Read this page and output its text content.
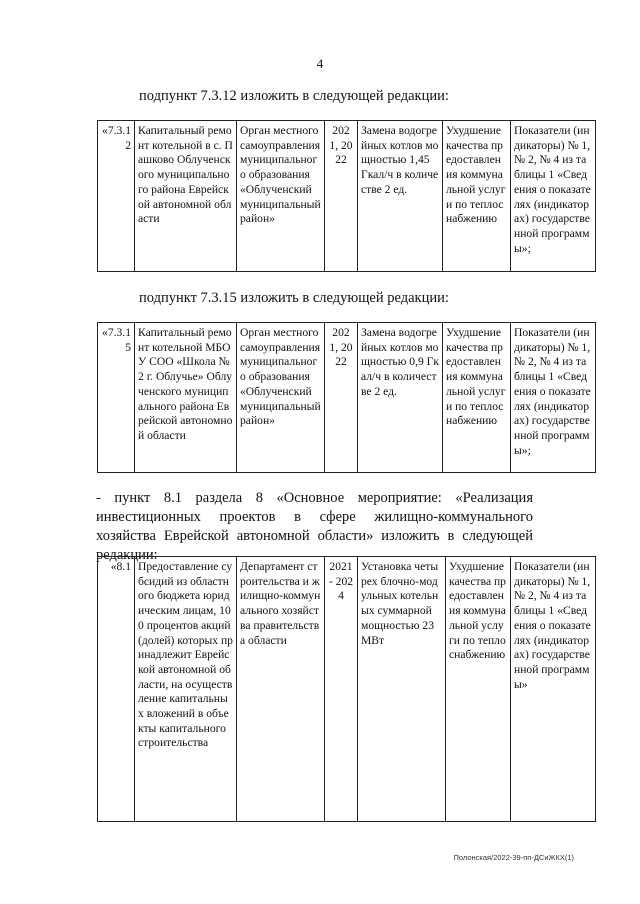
4
подпункт 7.3.12 изложить в следующей редакции:
«7.3.12	Капитальный ремонт котельной в с. Пашково Облученского муниципального района Еврейской автономной области	Орган местного самоуправления муниципального образования «Облученский муниципальный район»	2021, 2022	Замена водогрейных котлов мощностью 1,45 Гкал/ч в количестве 2 ед.	Ухудшение качества предоставления коммунальной услуги по теплоснабжению	Показатели (индикаторы) № 1, № 2, № 4 из таблицы 1 «Сведения о показателях (индикаторах) государственной программы»;
подпункт 7.3.15 изложить в следующей редакции:
«7.3.15	Капитальный ремонт котельной МБОУ СОО «Школа № 2 г. Облучье» Облученского муниципального района Еврейской автономной области	Орган местного самоуправления муниципального образования «Облученский муниципальный район»	2021, 2022	Замена водогрейных котлов мощностью 0,9 Гкал/ч в количестве 2 ед.	Ухудшение качества предоставления коммунальной услуги по теплоснабжению	Показатели (индикаторы) № 1, № 2, № 4 из таблицы 1 «Сведения о показателях (индикаторах) государственной программы»;
- пункт 8.1 раздела 8 «Основное мероприятие: «Реализация инвестиционных проектов в сфере жилищно-коммунального хозяйства Еврейской автономной области» изложить в следующей редакции:
«8.1	Предоставление субсидий из областного бюджета юридическим лицам, 100 процентов акций (долей) которых принадлежит Еврейской автономной области, на осуществление капитальных вложений в объекты капитального строительства	Департамент строительства и жилищно-коммунального хозяйства правительства области	2021 - 2024	Установка четырех блочно-модульных котельных суммарной мощностью 23 МВт	Ухудшение качества предоставления коммунальной услуги по теплоснабжению	Показатели (индикаторы) № 1, № 2, № 4 из таблицы 1 «Сведения о показателях (индикаторах) государственной программы»
Полонская/2022-39-пп-ДСиЖКХ(1)
